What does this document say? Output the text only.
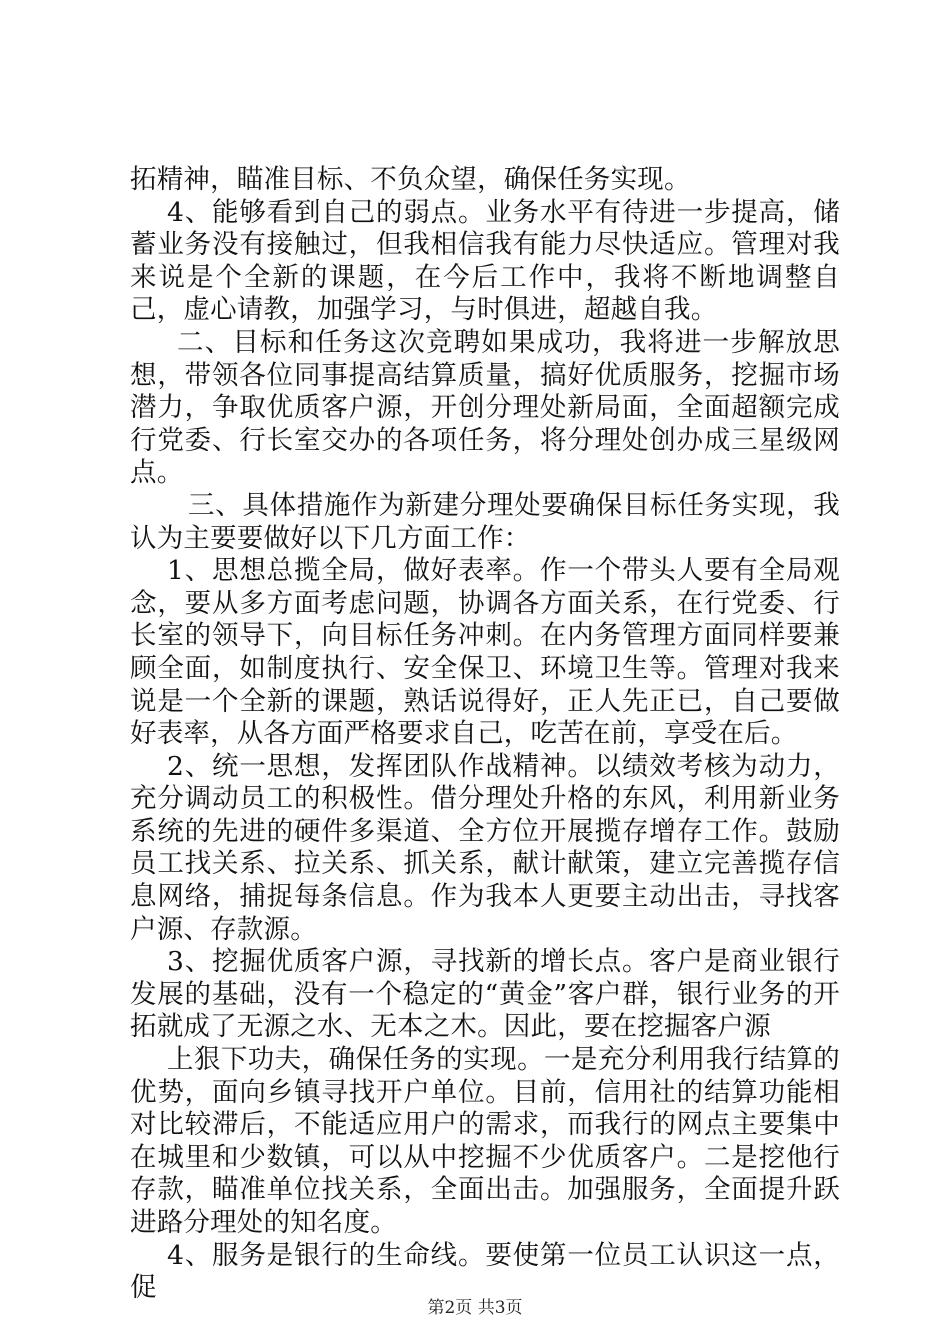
拓精神，瞄准目标、不负众望，确保任务实现。

4、能够看到自己的弱点。业务水平有待进一步提高，储蓄业务没有接触过，但我相信我有能力尽快适应。管理对我来说是个全新的课题，在今后工作中，我将不断地调整自己，虚心请教，加强学习，与时俱进，超越自我。

二、目标和任务这次竞聘如果成功，我将进一步解放思想，带领各位同事提高结算质量，搞好优质服务，挖掘市场潜力，争取优质客户源，开创分理处新局面，全面超额完成行党委、行长室交办的各项任务，将分理处创办成三星级网点。

三、具体措施作为新建分理处要确保目标任务实现，我认为主要要做好以下几方面工作：

1、思想总揽全局，做好表率。作一个带头人要有全局观念，要从多方面考虑问题，协调各方面关系，在行党委、行长室的领导下，向目标任务冲刺。在内务管理方面同样要兼顾全面，如制度执行、安全保卫、环境卫生等。管理对我来说是一个全新的课题，熟话说得好，正人先正已，自己要做好表率，从各方面严格要求自己，吃苦在前，享受在后。

2、统一思想，发挥团队作战精神。以绩效考核为动力，充分调动员工的积极性。借分理处升格的东风，利用新业务系统的先进的硬件多渠道、全方位开展揽存增存工作。鼓励员工找关系、拉关系、抓关系，献计献策，建立完善揽存信息网络，捕捉每条信息。作为我本人更要主动出击，寻找客户源、存款源。

3、挖掘优质客户源，寻找新的增长点。客户是商业银行发展的基础，没有一个稳定的“黄金”客户群，银行业务的开拓就成了无源之水、无本之木。因此，要在挖掘客户源

上狠下功夫，确保任务的实现。一是充分利用我行结算的优势，面向乡镇寻找开户单位。目前，信用社的结算功能相对比较滞后，不能适应用户的需求，而我行的网点主要集中在城里和少数镇，可以从中挖掘不少优质客户。二是挖他行存款，瞄准单位找关系，全面出击。加强服务，全面提升跃进路分理处的知名度。

4、服务是银行的生命线。要使第一位员工认识这一点，促

第2页 共3页
